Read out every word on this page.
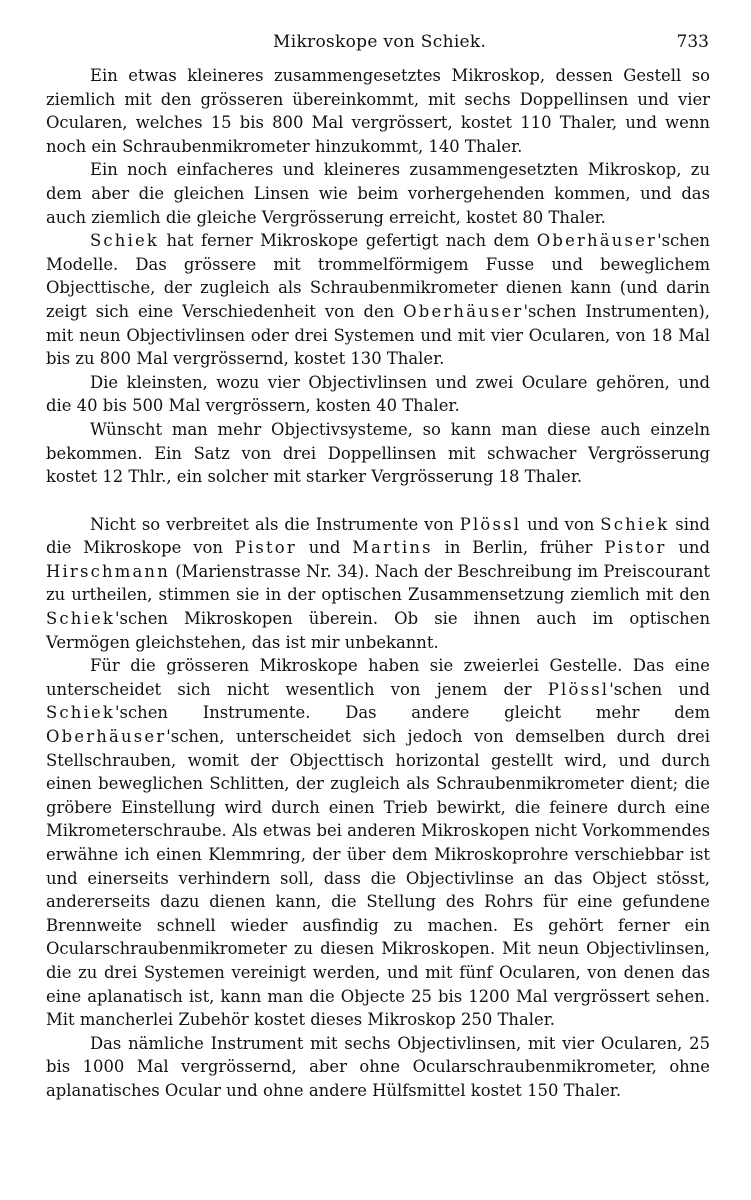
Mikroskope von Schiek.	733

Ein etwas kleineres zusammengesetztes Mikroskop, dessen Gestell so ziemlich mit den grösseren übereinkommt, mit sechs Doppellinsen und vier Ocularen, welches 15 bis 800 Mal vergrössert, kostet 110 Thaler, und wenn noch ein Schraubenmikrometer hinzukommt, 140 Thaler.

Ein noch einfacheres und kleineres zusammengesetzten Mikroskop, zu dem aber die gleichen Linsen wie beim vorhergehenden kommen, und das auch ziemlich die gleiche Vergrösserung erreicht, kostet 80 Thaler.

Schiek hat ferner Mikroskope gefertigt nach dem Oberhäuser'schen Modelle. Das grössere mit trommelförmigem Fusse und beweglichem Objecttische, der zugleich als Schraubenmikrometer dienen kann (und darin zeigt sich eine Verschiedenheit von den Oberhäuser'schen Instrumenten), mit neun Objectivlinsen oder drei Systemen und mit vier Ocularen, von 18 Mal bis zu 800 Mal vergrössernd, kostet 130 Thaler.

Die kleinsten, wozu vier Objectivlinsen und zwei Oculare gehören, und die 40 bis 500 Mal vergrössern, kosten 40 Thaler.

Wünscht man mehr Objectivsysteme, so kann man diese auch einzeln bekommen. Ein Satz von drei Doppellinsen mit schwacher Vergrösserung kostet 12 Thlr., ein solcher mit starker Vergrösserung 18 Thaler.

Nicht so verbreitet als die Instrumente von Plössl und von Schiek sind die Mikroskope von Pistor und Martins in Berlin, früher Pistor und Hirschmann (Marienstrasse Nr. 34). Nach der Beschreibung im Preiscourant zu urtheilen, stimmen sie in der optischen Zusammensetzung ziemlich mit den Schiek'schen Mikroskopen überein. Ob sie ihnen auch im optischen Vermögen gleichstehen, das ist mir unbekannt.

Für die grösseren Mikroskope haben sie zweierlei Gestelle. Das eine unterscheidet sich nicht wesentlich von jenem der Plössl'schen und Schiek'schen Instrumente. Das andere gleicht mehr dem Oberhäuser'schen, unterscheidet sich jedoch von demselben durch drei Stellschrauben, womit der Objecttisch horizontal gestellt wird, und durch einen beweglichen Schlitten, der zugleich als Schraubenmikrometer dient; die gröbere Einstellung wird durch einen Trieb bewirkt, die feinere durch eine Mikrometerschraube. Als etwas bei anderen Mikroskopen nicht Vorkommendes erwähne ich einen Klemmring, der über dem Mikroskoprohre verschiebbar ist und einerseits verhindern soll, dass die Objectivlinse an das Object stösst, andererseits dazu dienen kann, die Stellung des Rohrs für eine gefundene Brennweite schnell wieder ausfindig zu machen. Es gehört ferner ein Ocularschraubenmikrometer zu diesen Mikroskopen. Mit neun Objectivlinsen, die zu drei Systemen vereinigt werden, und mit fünf Ocularen, von denen das eine aplanatisch ist, kann man die Objecte 25 bis 1200 Mal vergrössert sehen. Mit mancherlei Zubehör kostet dieses Mikroskop 250 Thaler.

Das nämliche Instrument mit sechs Objectivlinsen, mit vier Ocularen, 25 bis 1000 Mal vergrössernd, aber ohne Ocularschraubenmikrometer, ohne aplanatisches Ocular und ohne andere Hülfsmittel kostet 150 Thaler.
